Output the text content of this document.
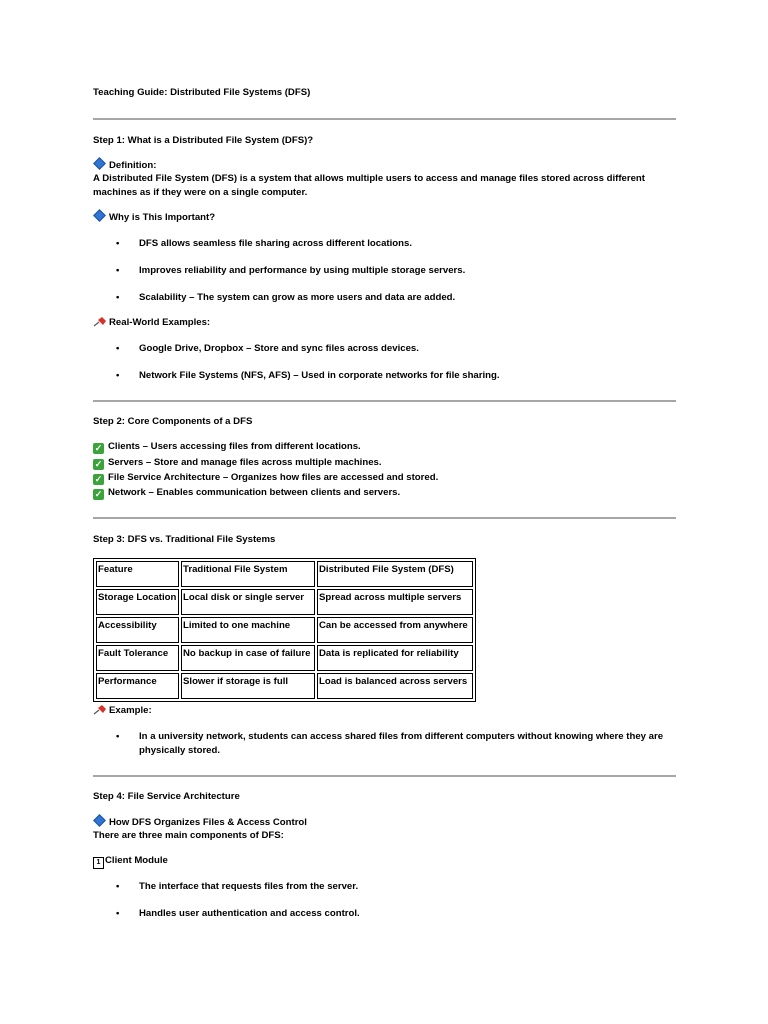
Teaching Guide: Distributed File Systems (DFS)
Step 1: What is a Distributed File System (DFS)?
Definition:
A Distributed File System (DFS) is a system that allows multiple users to access and manage files stored across different
machines as if they were on a single computer.
Why is This Important?
• DFS allows seamless file sharing across different locations.
• Improves reliability and performance by using multiple storage servers.
• Scalability – The system can grow as more users and data are added.
Real-World Examples:
• Google Drive, Dropbox – Store and sync files across devices.
• Network File Systems (NFS, AFS) – Used in corporate networks for file sharing.
Step 2: Core Components of a DFS
✓ Clients – Users accessing files from different locations.
✓ Servers – Store and manage files across multiple machines.
✓ File Service Architecture – Organizes how files are accessed and stored.
✓ Network – Enables communication between clients and servers.
Step 3: DFS vs. Traditional File Systems
Feature	Traditional File System	Distributed File System (DFS)
Storage Location	Local disk or single server	Spread across multiple servers
Accessibility	Limited to one machine	Can be accessed from anywhere
Fault Tolerance	No backup in case of failure	Data is replicated for reliability
Performance	Slower if storage is full	Load is balanced across servers
Example:
• In a university network, students can access shared files from different computers without knowing where they are
physically stored.
Step 4: File Service Architecture
How DFS Organizes Files & Access Control
There are three main components of DFS:
1 Client Module
• The interface that requests files from the server.
• Handles user authentication and access control.
